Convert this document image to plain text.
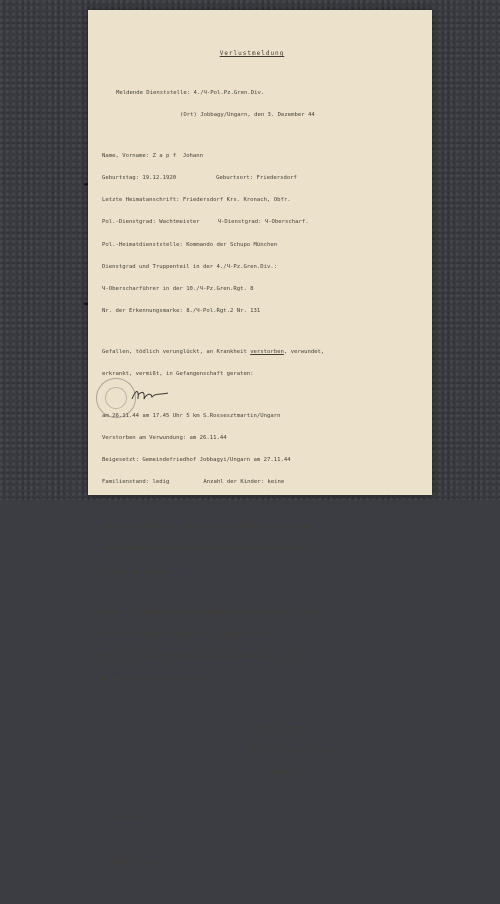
Verlustmeldung

Meldende Dienststelle: 4./Ɥ-Pol.Pz.Gren.Div.

(Ort) Jobbagy/Ungarn, den 3. Dezember 44

Name, Vorname: Z a p f  Johann

Geburtstag: 19.12.1920	Geburtsort: Friedersdorf

Letzte Heimatanschrift: Friedersdorf Krs. Kronach, Obfr.

Pol.-Dienstgrad: Wachtmeister	Ɥ-Dienstgrad: Ɥ-Oberscharf.

Pol.-Heimatdienststelle: Kommando der Schupo München

Dienstgrad und Truppenteil in der 4./Ɥ-Pz.Gren.Div.:

Ɥ-Oberscharführer in der 10./Ɥ-Pz.Gren.Rgt. 8

Nr. der Erkennungsmarke: 8./Ɥ-Pol.Rgt.2 Nr. 131

Gefallen, tödlich verunglückt, an Krankheit verstorben, verwundet,

erkrankt, vermißt, in Gefangenschaft geraten:

am 26.11.44 am 17.45 Uhr 5 km S.Rossesztmartin/Ungarn

Verstorben am Verwundung: am 26.11.44

Beigesetzt: Gemeindefriedhof Jobbagyi/Ungarn am 27.11.44

Familienstand: ledig	Anzahl der Kinder: keine

Falls nicht verheiratet, Anschrift der Angehörigen unter Angabe

des Verwandschaftsgrades: Vater: Georg Zapf, Friedersdorf, Krs.

Kronach, Oberfranken

Angabe, bei welcher Stelle Vorschlag zur Verleihung des Eisernen

Kreuzes, Verwundetenabzeichens usw. eingereicht ist:

EK.2.Kl. 3.2.42, Inf.Sturmabz.1.11.41, Ostmedaille 1.8.42

Nahkampfspange Bronze 16.11.43

gez. Schrems

Ɥ-Hstuf. u. Komp.-Führer

(Siegel)

Beglaubigt:

Rev.Lt. d.SchP.
